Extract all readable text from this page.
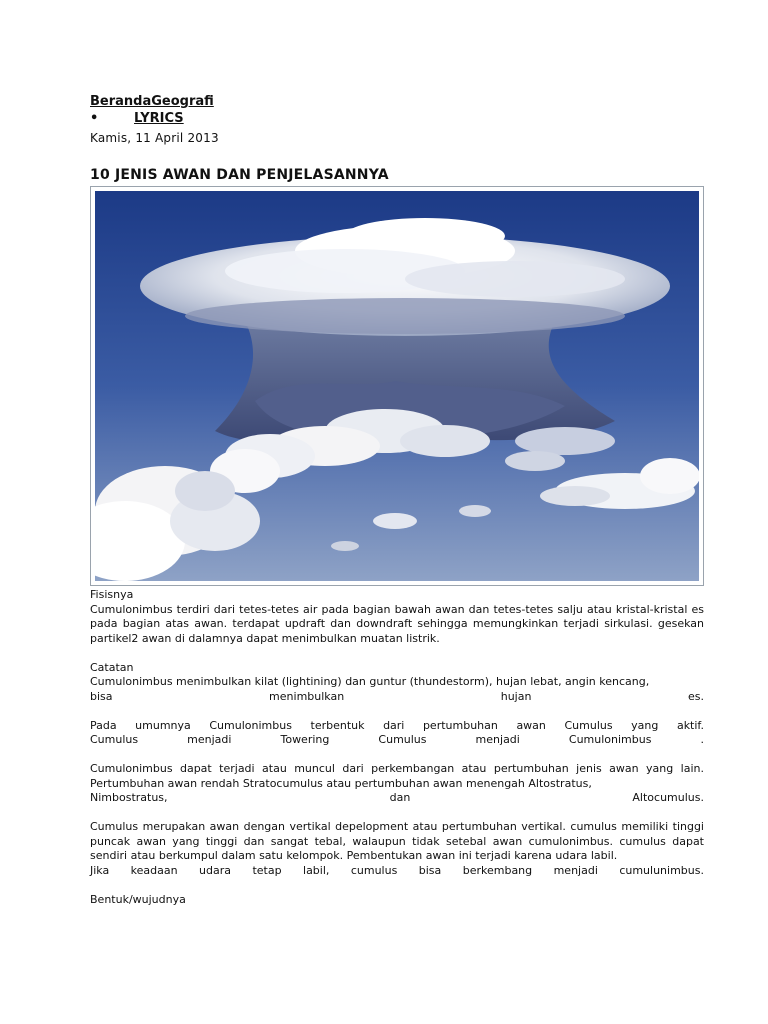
BerandaGeografi
•	LYRICS
Kamis, 11 April 2013
10 JENIS AWAN DAN PENJELASANNYA

Fisisnya

Cumulonimbus terdiri dari tetes-tetes air pada bagian bawah awan dan tetes-tetes salju atau kristal-kristal es pada bagian atas awan. terdapat updraft dan downdraft sehingga memungkinkan terjadi sirkulasi. gesekan partikel2 awan di dalamnya dapat menimbulkan muatan listrik.

Catatan

Cumulonimbus menimbulkan kilat (lightining) dan guntur (thundestorm), hujan lebat, angin kencang,

bisa menimbulkan hujan es.

Pada umumnya Cumulonimbus terbentuk dari pertumbuhan awan Cumulus yang aktif.

Cumulus menjadi Towering Cumulus menjadi Cumulonimbus .

Cumulonimbus dapat terjadi atau muncul dari perkembangan atau pertumbuhan jenis awan yang lain. Pertumbuhan awan rendah Stratocumulus atau pertumbuhan awan menengah Altostratus,

Nimbostratus, dan Altocumulus.

Cumulus merupakan awan dengan vertikal depelopment atau pertumbuhan vertikal. cumulus memiliki tinggi puncak awan yang tinggi dan sangat tebal, walaupun tidak setebal awan cumulonimbus. cumulus dapat sendiri atau berkumpul dalam satu kelompok. Pembentukan awan ini terjadi karena udara labil.

Jika keadaan udara tetap labil, cumulus bisa berkembang menjadi cumulunimbus.

Bentuk/wujudnya
